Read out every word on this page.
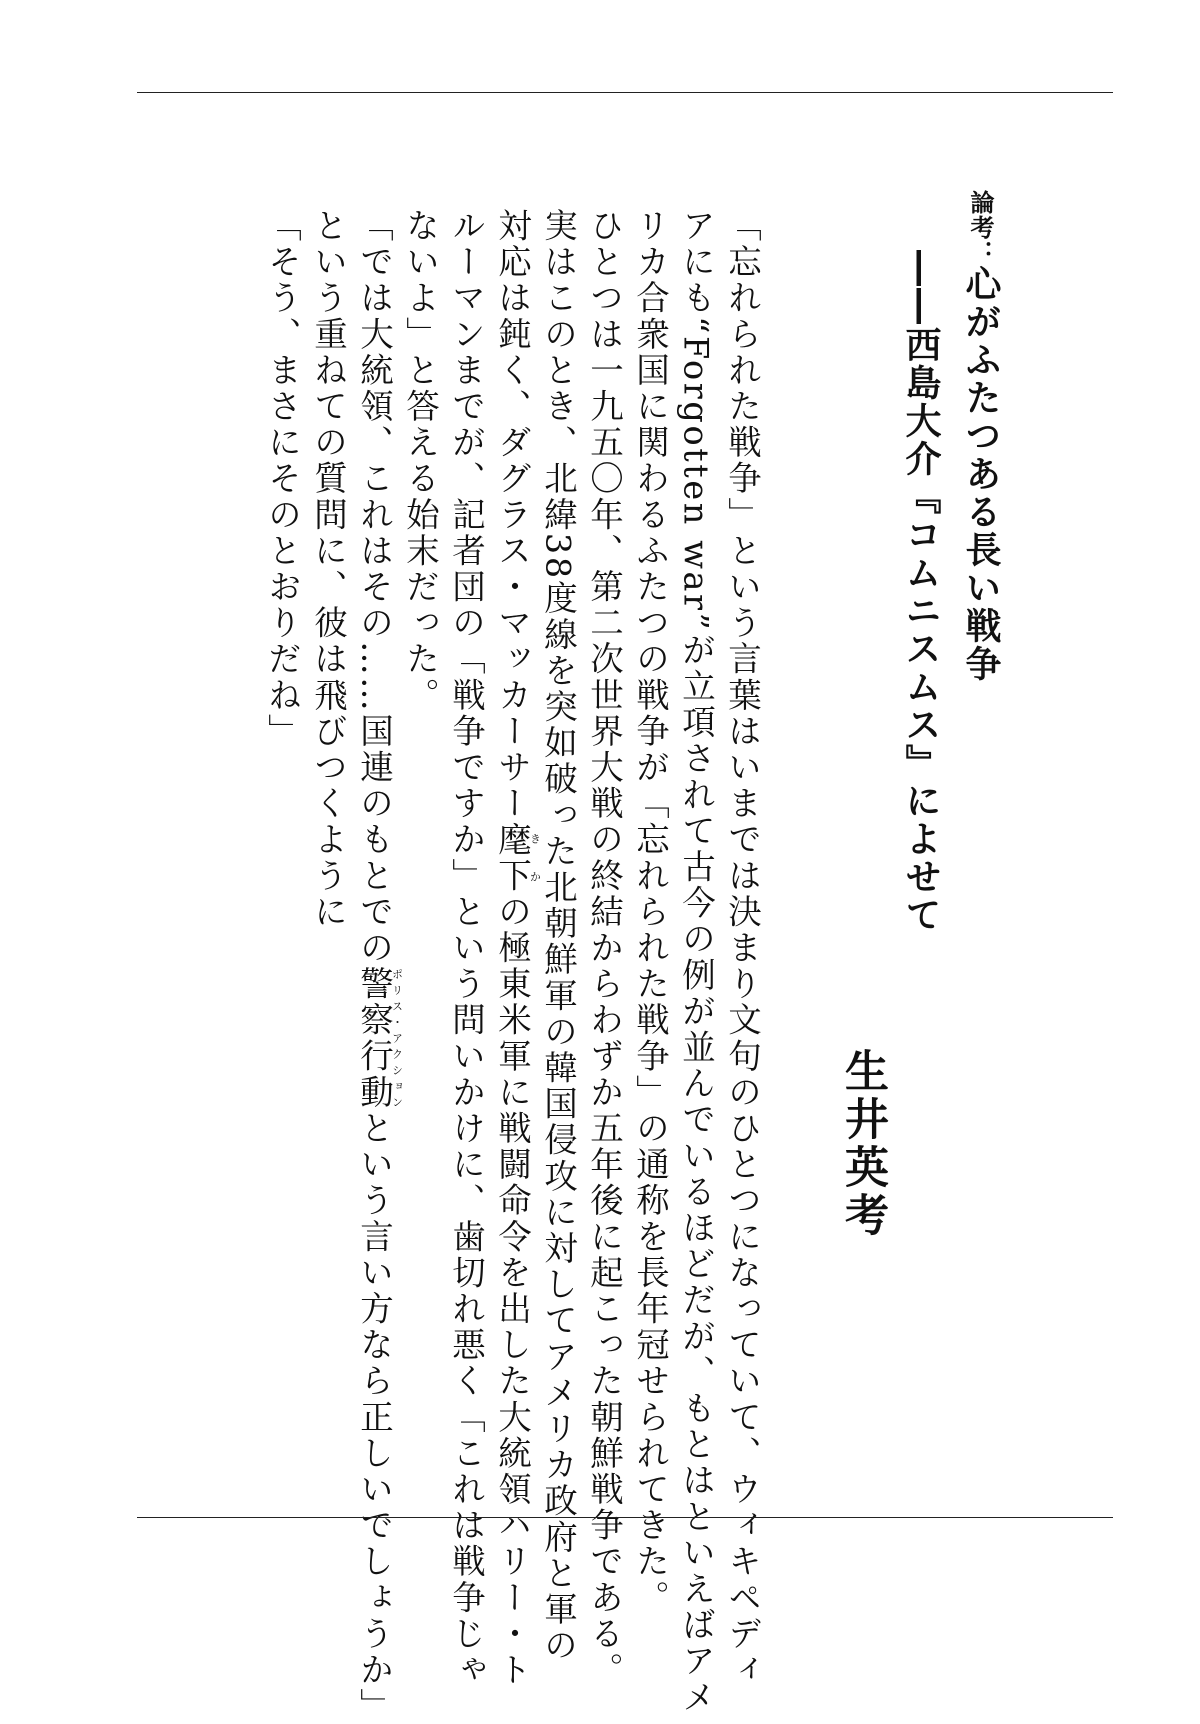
論考：心がふたつある長い戦争
――西島大介『コムニスムス』によせて
生井英考
「忘れられた戦争」という言葉はいまでは決まり文句のひとつになっていて、ウィキペディ
アにも“Forgotten war”が立項されて古今の例が並んでいるほどだが、もとはといえばアメ
リカ合衆国に関わるふたつの戦争が「忘れられた戦争」の通称を長年冠せられてきた。
ひとつは一九五〇年、第二次世界大戦の終結からわずか五年後に起こった朝鮮戦争である。
実はこのとき、北緯38度線を突如破った北朝鮮軍の韓国侵攻に対してアメリカ政府と軍の
対応は鈍く、ダグラス・マッカーサー麾下きかの極東米軍に戦闘命令を出した大統領ハリー・ト
ルーマンまでが、記者団の「戦争ですか」という問いかけに、歯切れ悪く「これは戦争じゃ
ないよ」と答える始末だった。
「では大統領、これはその……国連のもとでの警察行動ポリス・アクションという言い方なら正しいでしょうか」
という重ねての質問に、彼は飛びつくように
「そう、まさにそのとおりだね」
